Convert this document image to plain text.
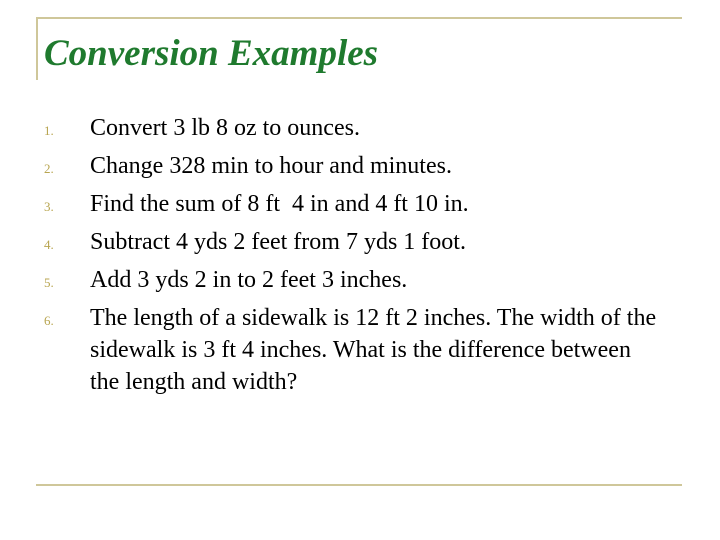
Conversion Examples
1. Convert 3 lb 8 oz to ounces.
2. Change 328 min to hour and minutes.
3. Find the sum of 8 ft  4 in and 4 ft 10 in.
4. Subtract 4 yds 2 feet from 7 yds 1 foot.
5. Add 3 yds 2 in to 2 feet 3 inches.
6. The length of a sidewalk is 12 ft 2 inches. The width of the sidewalk is 3 ft 4 inches. What is the difference between the length and width?
